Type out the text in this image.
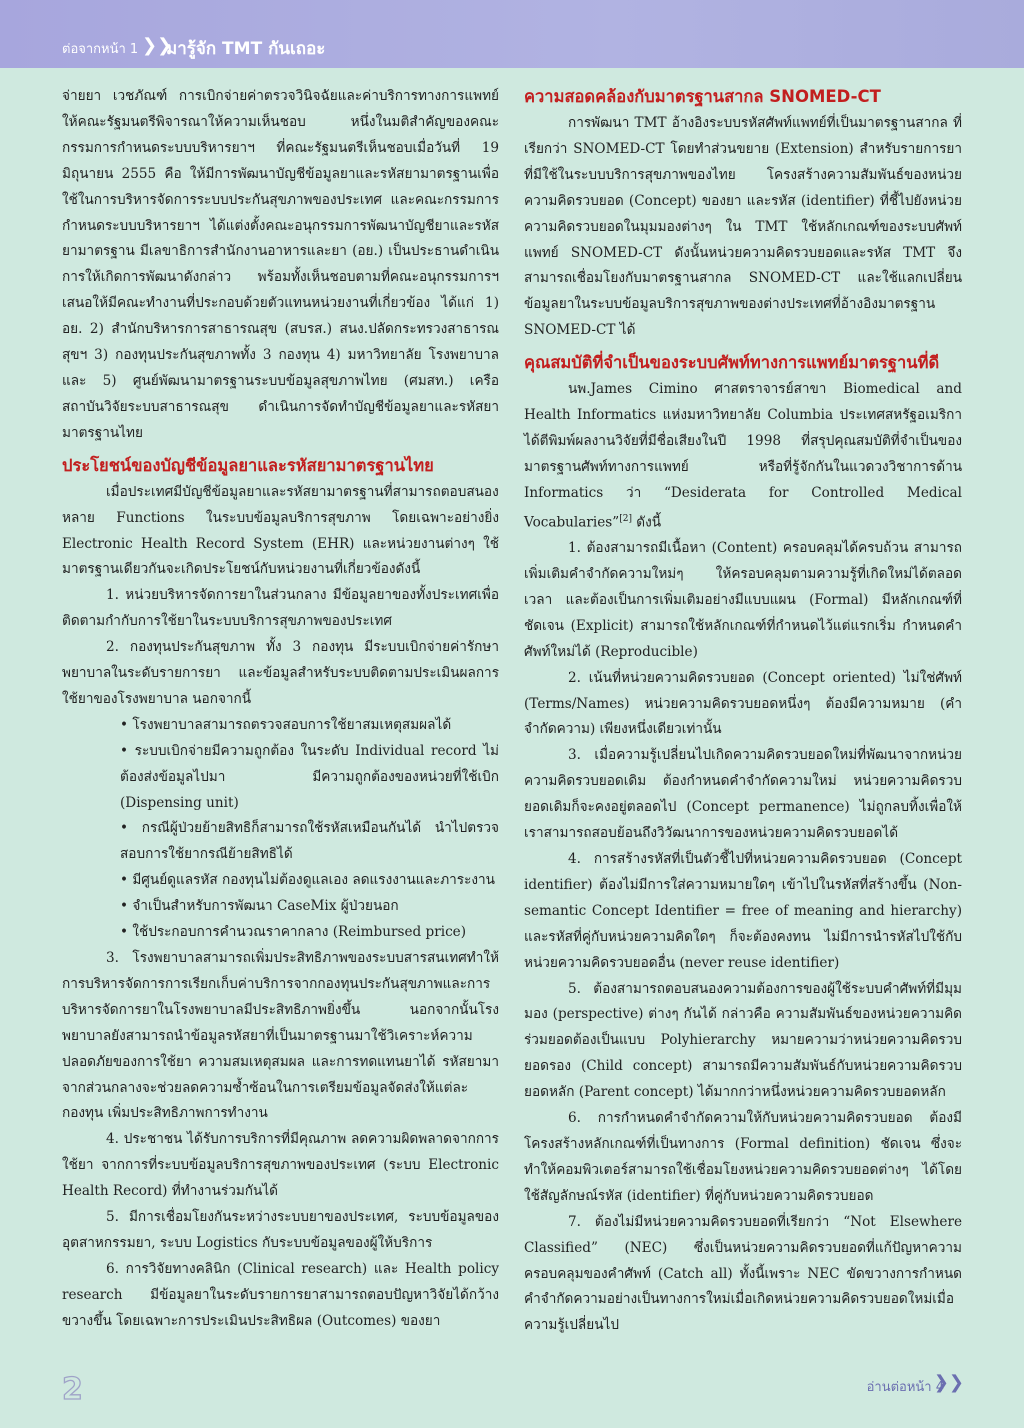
ต่อจากหน้า 1 ❯❯
มารู้จัก TMT กันเถอะ

จ่ายยา เวชภัณฑ์ การเบิกจ่ายค่าตรวจวินิจฉัยและค่าบริการทางการแพทย์ให้คณะรัฐมนตรีพิจารณาให้ความเห็นชอบ หนึ่งในมติสำคัญของคณะกรรมการกำหนดระบบบริหารยาฯ ที่คณะรัฐมนตรีเห็นชอบเมื่อวันที่ 19 มิถุนายน 2555 คือ ให้มีการพัฒนาบัญชีข้อมูลยาและรหัสยามาตรฐานเพื่อใช้ในการบริหารจัดการระบบประกันสุขภาพของประเทศ และคณะกรรมการกำหนดระบบบริหารยาฯ ได้แต่งตั้งคณะอนุกรรมการพัฒนาบัญชียาและรหัสยามาตรฐาน มีเลขาธิการสำนักงานอาหารและยา (อย.) เป็นประธานดำเนินการให้เกิดการพัฒนาดังกล่าว พร้อมทั้งเห็นชอบตามที่คณะอนุกรรมการฯ เสนอให้มีคณะทำงานที่ประกอบด้วยตัวแทนหน่วยงานที่เกี่ยวข้อง ได้แก่ 1) อย. 2) สำนักบริหารการสาธารณสุข (สบรส.) สนง.ปลัดกระทรวงสาธารณสุขฯ 3) กองทุนประกันสุขภาพทั้ง 3 กองทุน 4) มหาวิทยาลัย โรงพยาบาล และ 5) ศูนย์พัฒนามาตรฐานระบบข้อมูลสุขภาพไทย (ศมสท.) เครือสถาบันวิจัยระบบสาธารณสุข ดำเนินการจัดทำบัญชีข้อมูลยาและรหัสยามาตรฐานไทย

ประโยชน์ของบัญชีข้อมูลยาและรหัสยามาตรฐานไทย

เมื่อประเทศมีบัญชีข้อมูลยาและรหัสยามาตรฐานที่สามารถตอบสนองหลาย Functions ในระบบข้อมูลบริการสุขภาพ โดยเฉพาะอย่างยิ่ง Electronic Health Record System (EHR) และหน่วยงานต่างๆ ใช้มาตรฐานเดียวกันจะเกิดประโยชน์กับหน่วยงานที่เกี่ยวข้องดังนี้

1. หน่วยบริหารจัดการยาในส่วนกลาง มีข้อมูลยาของทั้งประเทศเพื่อติดตามกำกับการใช้ยาในระบบบริการสุขภาพของประเทศ

2. กองทุนประกันสุขภาพ ทั้ง 3 กองทุน มีระบบเบิกจ่ายค่ารักษาพยาบาลในระดับรายการยา และข้อมูลสำหรับระบบติดตามประเมินผลการใช้ยาของโรงพยาบาล นอกจากนี้

• โรงพยาบาลสามารถตรวจสอบการใช้ยาสมเหตุสมผลได้

• ระบบเบิกจ่ายมีความถูกต้อง ในระดับ Individual record ไม่ต้องส่งข้อมูลไปมา มีความถูกต้องของหน่วยที่ใช้เบิก (Dispensing unit)

• กรณีผู้ป่วยย้ายสิทธิก็สามารถใช้รหัสเหมือนกันได้ นำไปตรวจสอบการใช้ยากรณีย้ายสิทธิได้

• มีศูนย์ดูแลรหัส กองทุนไม่ต้องดูแลเอง ลดแรงงานและภาระงาน

• จำเป็นสำหรับการพัฒนา CaseMix ผู้ป่วยนอก

• ใช้ประกอบการคำนวณราคากลาง (Reimbursed price)

3. โรงพยาบาลสามารถเพิ่มประสิทธิภาพของระบบสารสนเทศทำให้การบริหารจัดการการเรียกเก็บค่าบริการจากกองทุนประกันสุขภาพและการบริหารจัดการยาในโรงพยาบาลมีประสิทธิภาพยิ่งขึ้น นอกจากนั้นโรงพยาบาลยังสามารถนำข้อมูลรหัสยาที่เป็นมาตรฐานมาใช้วิเคราะห์ความปลอดภัยของการใช้ยา ความสมเหตุสมผล และการทดแทนยาได้ รหัสยามาจากส่วนกลางจะช่วยลดความซ้ำซ้อนในการเตรียมข้อมูลจัดส่งให้แต่ละกองทุน เพิ่มประสิทธิภาพการทำงาน

4. ประชาชน ได้รับการบริการที่มีคุณภาพ ลดความผิดพลาดจากการใช้ยา จากการที่ระบบข้อมูลบริการสุขภาพของประเทศ (ระบบ Electronic Health Record) ที่ทำงานร่วมกันได้

5. มีการเชื่อมโยงกันระหว่างระบบยาของประเทศ, ระบบข้อมูลของอุตสาหกรรมยา, ระบบ Logistics กับระบบข้อมูลของผู้ให้บริการ

6. การวิจัยทางคลินิก (Clinical research) และ Health policy research มีข้อมูลยาในระดับรายการยาสามารถตอบปัญหาวิจัยได้กว้างขวางขึ้น โดยเฉพาะการประเมินประสิทธิผล (Outcomes) ของยา

ความสอดคล้องกับมาตรฐานสากล SNOMED-CT

การพัฒนา TMT อ้างอิงระบบรหัสศัพท์แพทย์ที่เป็นมาตรฐานสากล ที่เรียกว่า SNOMED-CT โดยทำส่วนขยาย (Extension) สำหรับรายการยาที่มีใช้ในระบบบริการสุขภาพของไทย โครงสร้างความสัมพันธ์ของหน่วยความคิดรวบยอด (Concept) ของยา และรหัส (identifier) ที่ชี้ไปยังหน่วยความคิดรวบยอดในมุมมองต่างๆ ใน TMT ใช้หลักเกณฑ์ของระบบศัพท์แพทย์ SNOMED-CT ดังนั้นหน่วยความคิดรวบยอดและรหัส TMT จึงสามารถเชื่อมโยงกับมาตรฐานสากล SNOMED-CT และใช้แลกเปลี่ยนข้อมูลยาในระบบข้อมูลบริการสุขภาพของต่างประเทศที่อ้างอิงมาตรฐาน SNOMED-CT ได้

คุณสมบัติที่จำเป็นของระบบศัพท์ทางการแพทย์มาตรฐานที่ดี

นพ.James Cimino ศาสตราจารย์สาขา Biomedical and Health Informatics แห่งมหาวิทยาลัย Columbia ประเทศสหรัฐอเมริกา ได้ตีพิมพ์ผลงานวิจัยที่มีชื่อเสียงในปี 1998 ที่สรุปคุณสมบัติที่จำเป็นของมาตรฐานศัพท์ทางการแพทย์ หรือที่รู้จักกันในแวดวงวิชาการด้าน Informatics ว่า “Desiderata for Controlled Medical Vocabularies”[2] ดังนี้

1. ต้องสามารถมีเนื้อหา (Content) ครอบคลุมได้ครบถ้วน สามารถเพิ่มเติมคำจำกัดความใหม่ๆ ให้ครอบคลุมตามความรู้ที่เกิดใหม่ได้ตลอดเวลา และต้องเป็นการเพิ่มเติมอย่างมีแบบแผน (Formal) มีหลักเกณฑ์ที่ชัดเจน (Explicit) สามารถใช้หลักเกณฑ์ที่กำหนดไว้แต่แรกเริ่ม กำหนดคำศัพท์ใหม่ได้ (Reproducible)

2. เน้นที่หน่วยความคิดรวบยอด (Concept oriented) ไม่ใช่ศัพท์ (Terms/Names) หน่วยความคิดรวบยอดหนึ่งๆ ต้องมีความหมาย (คำจำกัดความ) เพียงหนึ่งเดียวเท่านั้น

3. เมื่อความรู้เปลี่ยนไปเกิดความคิดรวบยอดใหม่ที่พัฒนาจากหน่วยความคิดรวบยอดเดิม ต้องกำหนดคำจำกัดความใหม่ หน่วยความคิดรวบยอดเดิมก็จะคงอยู่ตลอดไป (Concept permanence) ไม่ถูกลบทิ้งเพื่อให้เราสามารถสอบย้อนถึงวิวัฒนาการของหน่วยความคิดรวบยอดได้

4. การสร้างรหัสที่เป็นตัวชี้ไปที่หน่วยความคิดรวบยอด (Concept identifier) ต้องไม่มีการใส่ความหมายใดๆ เข้าไปในรหัสที่สร้างขึ้น (Non-semantic Concept Identifier = free of meaning and hierarchy) และรหัสที่คู่กับหน่วยความคิดใดๆ ก็จะต้องคงทน ไม่มีการนำรหัสไปใช้กับหน่วยความคิดรวบยอดอื่น (never reuse identifier)

5. ต้องสามารถตอบสนองความต้องการของผู้ใช้ระบบคำศัพท์ที่มีมุมมอง (perspective) ต่างๆ กันได้ กล่าวคือ ความสัมพันธ์ของหน่วยความคิดร่วมยอดต้องเป็นแบบ Polyhierarchy หมายความว่าหน่วยความคิดรวบยอดรอง (Child concept) สามารถมีความสัมพันธ์กับหน่วยความคิดรวบยอดหลัก (Parent concept) ได้มากกว่าหนึ่งหน่วยความคิดรวบยอดหลัก

6. การกำหนดคำจำกัดความให้กับหน่วยความคิดรวบยอด ต้องมีโครงสร้างหลักเกณฑ์ที่เป็นทางการ (Formal definition) ชัดเจน ซึ่งจะทำให้คอมพิวเตอร์สามารถใช้เชื่อมโยงหน่วยความคิดรวบยอดต่างๆ ได้โดยใช้สัญลักษณ์รหัส (identifier) ที่คู่กับหน่วยความคิดรวบยอด

7. ต้องไม่มีหน่วยความคิดรวบยอดที่เรียกว่า “Not Elsewhere Classified” (NEC) ซึ่งเป็นหน่วยความคิดรวบยอดที่แก้ปัญหาความครอบคลุมของคำศัพท์ (Catch all) ทั้งนี้เพราะ NEC ขัดขวางการกำหนดคำจำกัดความอย่างเป็นทางการใหม่เมื่อเกิดหน่วยความคิดรวบยอดใหม่เมื่อความรู้เปลี่ยนไป

2	อ่านต่อหน้า 4
❯❯
